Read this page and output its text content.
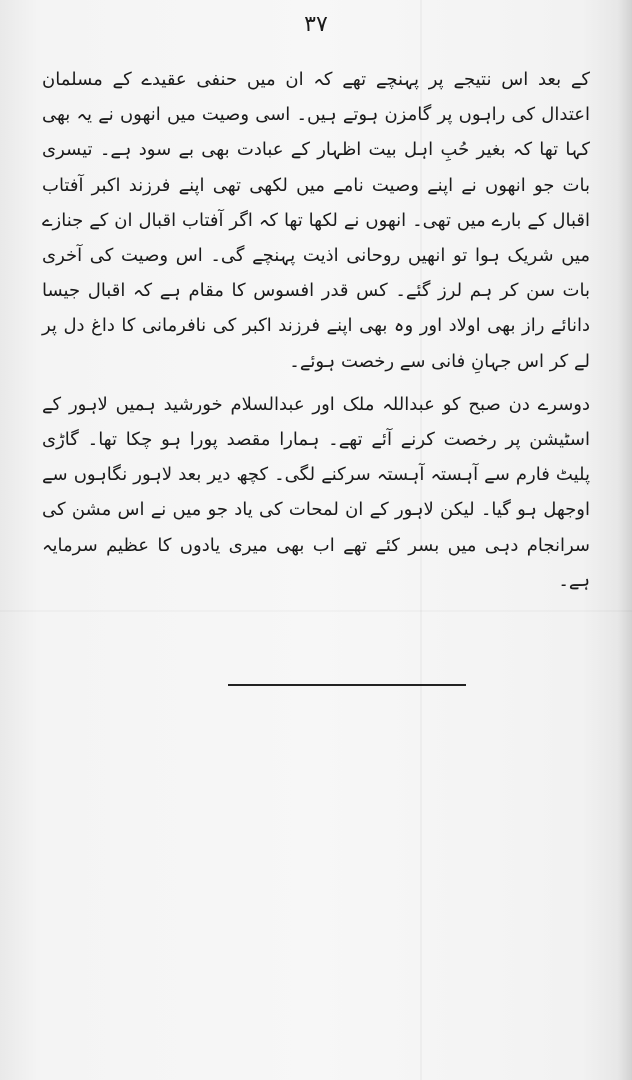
۳۷

کے بعد اس نتیجے پر پہنچے تھے کہ ان میں حنفی عقیدے کے مسلمان اعتدال کی راہوں پر گامزن ہوتے ہیں۔ اسی وصیت میں انھوں نے یہ بھی کہا تھا کہ بغیر حُبِ اہل بیت اظہار کے عبادت بھی بے سود ہے۔ تیسری بات جو انھوں نے اپنے وصیت نامے میں لکھی تھی اپنے فرزند اکبر آفتاب اقبال کے بارے میں تھی۔ انھوں نے لکھا تھا کہ اگر آفتاب اقبال ان کے جنازے میں شریک ہوا تو انھیں روحانی اذیت پہنچے گی۔ اس وصیت کی آخری بات سن کر ہم لرز گئے۔ کس قدر افسوس کا مقام ہے کہ اقبال جیسا دانائے راز بھی اولاد اور وہ بھی اپنے فرزند اکبر کی نافرمانی کا داغ دل پر لے کر اس جہانِ فانی سے رخصت ہوئے۔

دوسرے دن صبح کو عبداللہ ملک اور عبدالسلام خورشید ہمیں لاہور کے اسٹیشن پر رخصت کرنے آئے تھے۔ ہمارا مقصد پورا ہو چکا تھا۔ گاڑی پلیٹ فارم سے آہستہ آہستہ سرکنے لگی۔ کچھ دیر بعد لاہور نگاہوں سے اوجھل ہو گیا۔ لیکن لاہور کے ان لمحات کی یاد جو میں نے اس مشن کی سرانجام دہی میں بسر کئے تھے اب بھی میری یادوں کا عظیم سرمایہ ہے۔
